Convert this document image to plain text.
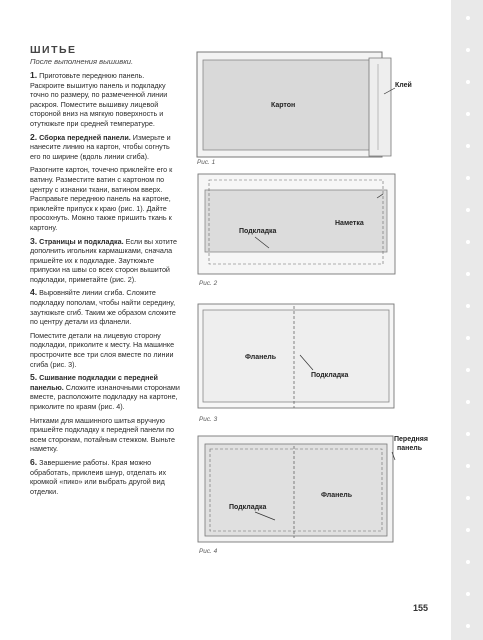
ШИТЬЕ
После выполнения вышивки.

1. Приготовьте переднюю панель. Раскроите вышитую панель и подкладку точно по размеру, по размеченной линии раскроя. Поместите вышивку лицевой стороной вниз на мягкую поверхность и отутюжьте при средней температуре.

2. Сборка передней панели. Измерьте и нанесите линию на картон, чтобы согнуть его по ширине (вдоль линии сгиба).

Разогните картон, точечно приклейте его к ватину. Разместите ватин с картоном по центру с изнанки ткани, ватином вверх. Расправьте переднюю панель на картоне, приклейте припуск к краю (рис. 1). Дайте просохнуть. Можно также пришить ткань к картону.

3. Страницы и подкладка. Если вы хотите дополнить игольник кармашками, сначала пришейте их к подкладке. Заутюжьте припуски на швы со всех сторон вышитой подкладки, приметайте (рис. 2).

4. Выровняйте линии сгиба. Сложите подкладку пополам, чтобы найти середину, заутюжьте сгиб. Таким же образом сложите по центру детали из фланели.

Поместите детали на лицевую сторону подкладки, приколите к месту. На машинке прострочите все три слоя вместе по линии сгиба (рис. 3).

5. Сшивание подкладки с передней панелью. Сложите изнаночными сторонами вместе, расположите подкладку на картоне, приколите по краям (рис. 4).

Нитками для машинного шитья вручную пришейте подкладку к передней панели по всем сторонам, потайным стежком. Выньте наметку.

6. Завершение работы. Края можно обработать, приклеив шнур, отделать их кромкой «пико» или выбрать другой вид отделки.

Картон
Клей
Рис. 1
Наметка
Подкладка
Рис. 2
Фланель
Подкладка
Рис. 3
Подкладка
Фланель
Передняя
панель
Рис. 4
155
